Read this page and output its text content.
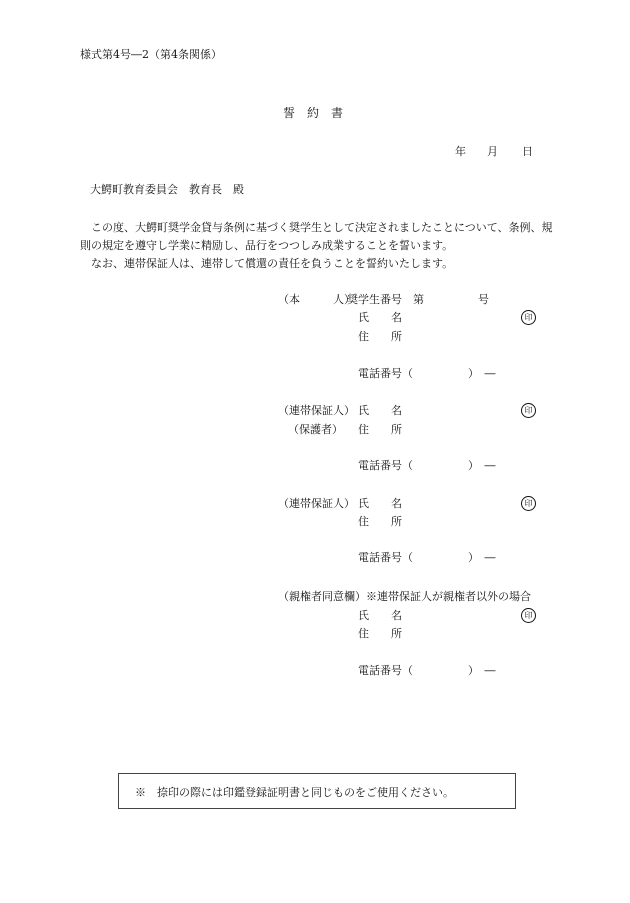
様式第4号―2（第4条関係）
誓　約　書
年 月 日
大鰐町教育委員会　教育長　殿
この度、大鰐町奨学金貸与条例に基づく奨学生として決定されましたことについて、条例、規則の規定を遵守し学業に精励し、品行をつつしみ成業することを誓います。
なお、連帯保証人は、連帯して償還の責任を負うことを誓約いたします。
（本　　　人）
奨学生番号　第	号
氏　　名	印
住　　所
電話番号（　　　　　）　―
（連帯保証人） 氏　　名	印
（保護者） 住　　所
電話番号（　　　　　）　―
（連帯保証人） 氏　　名	印
住　　所
電話番号（　　　　　）　―
（親権者同意欄）※連帯保証人が親権者以外の場合
氏　　名	印
住　　所
電話番号（　　　　　）　―
※　捺印の際には印鑑登録証明書と同じものをご使用ください。
